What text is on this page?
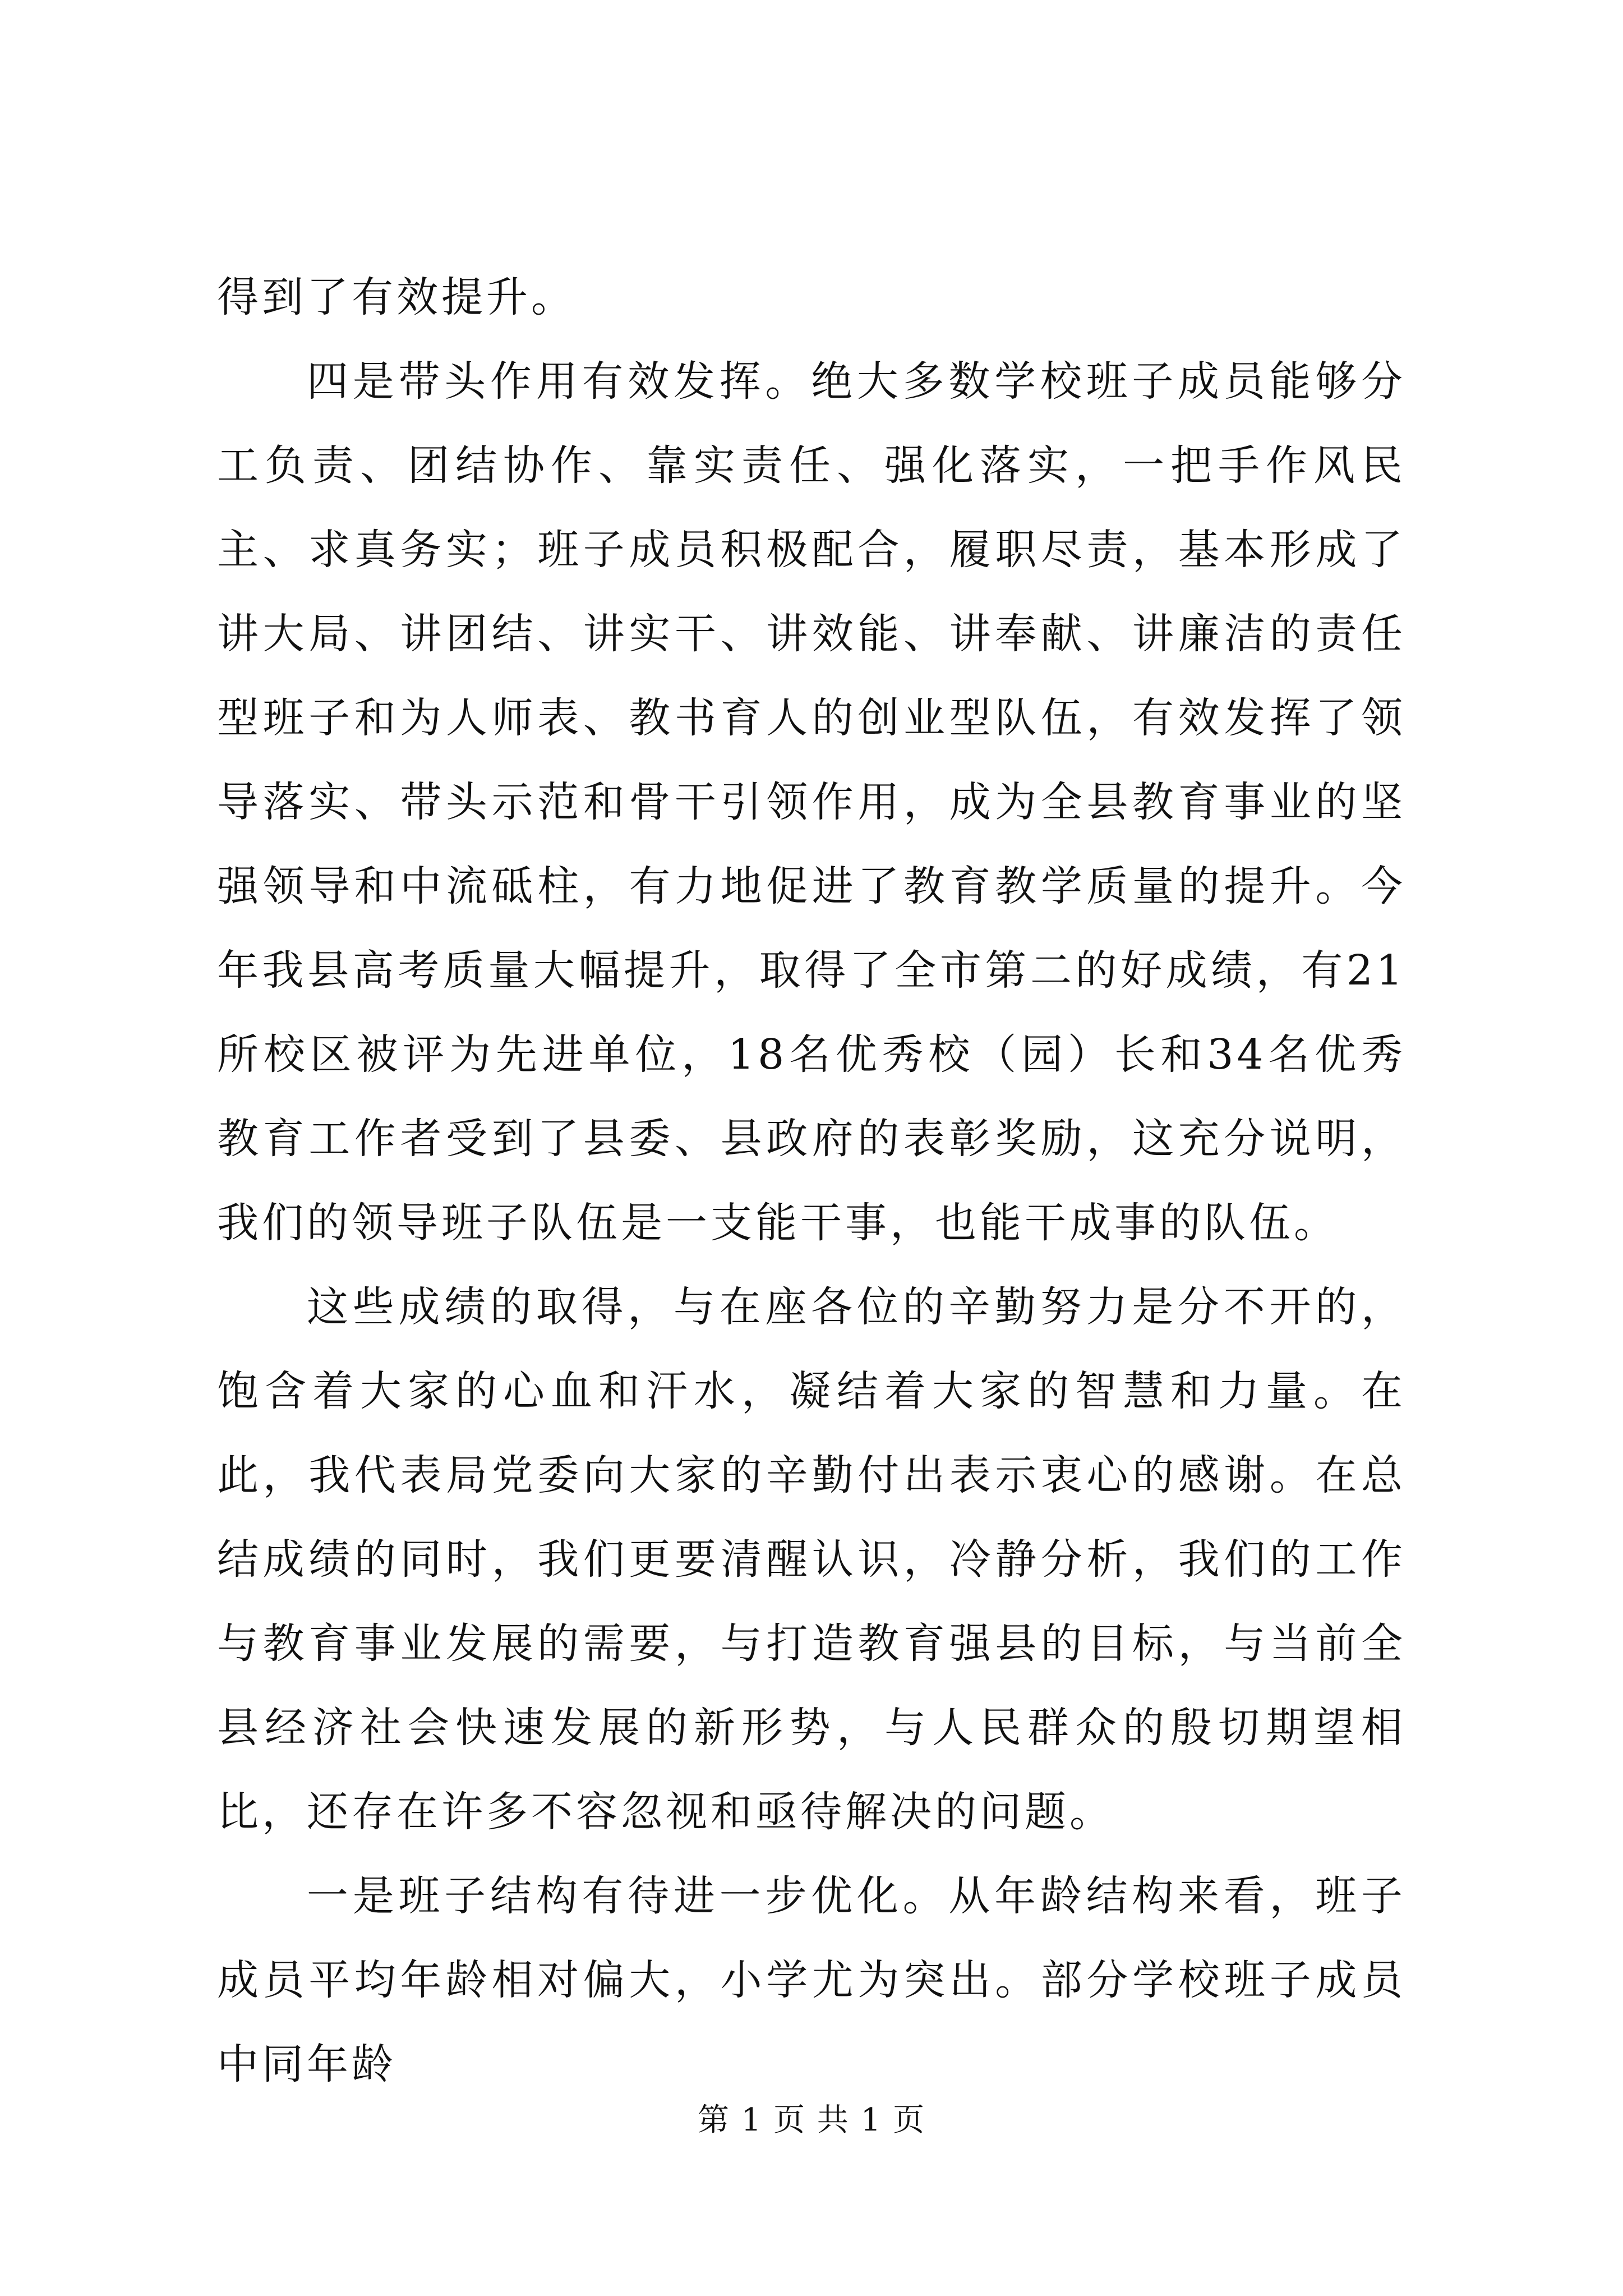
得到了有效提升。

四是带头作用有效发挥。绝大多数学校班子成员能够分工负责、团结协作、靠实责任、强化落实，一把手作风民主、求真务实；班子成员积极配合，履职尽责，基本形成了讲大局、讲团结、讲实干、讲效能、讲奉献、讲廉洁的责任型班子和为人师表、教书育人的创业型队伍，有效发挥了领导落实、带头示范和骨干引领作用，成为全县教育事业的坚强领导和中流砥柱，有力地促进了教育教学质量的提升。今年我县高考质量大幅提升，取得了全市第二的好成绩，有21所校区被评为先进单位，18名优秀校（园）长和34名优秀教育工作者受到了县委、县政府的表彰奖励，这充分说明，我们的领导班子队伍是一支能干事，也能干成事的队伍。

这些成绩的取得，与在座各位的辛勤努力是分不开的，饱含着大家的心血和汗水，凝结着大家的智慧和力量。在此，我代表局党委向大家的辛勤付出表示衷心的感谢。在总结成绩的同时，我们更要清醒认识，冷静分析，我们的工作与教育事业发展的需要，与打造教育强县的目标，与当前全县经济社会快速发展的新形势，与人民群众的殷切期望相比，还存在许多不容忽视和亟待解决的问题。

一是班子结构有待进一步优化。从年龄结构来看，班子成员平均年龄相对偏大，小学尤为突出。部分学校班子成员中同年龄

第 1 页 共 1 页
